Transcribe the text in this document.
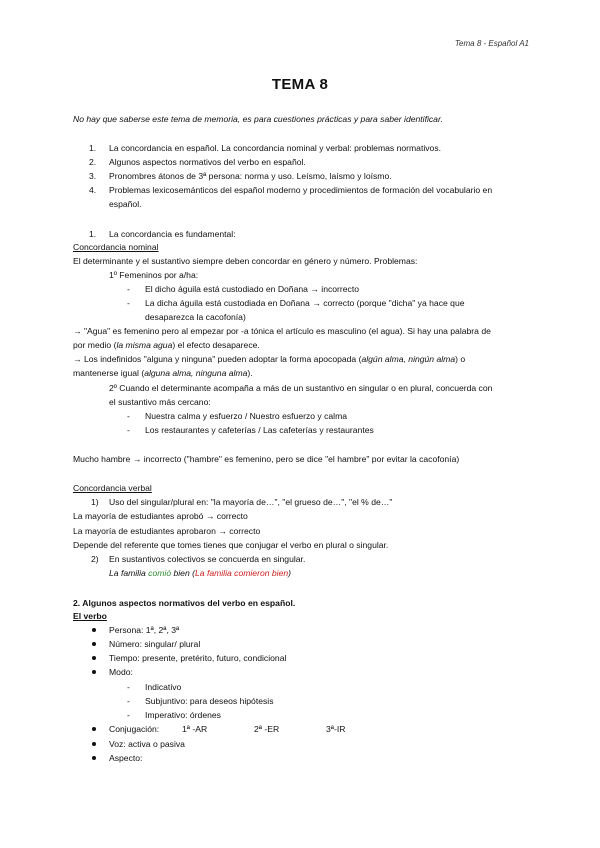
Tema 8 - Español A1
TEMA 8
No hay que saberse este tema de memoria, es para cuestiones prácticas y para saber identificar.
1. La concordancia en español. La concordancia nominal y verbal: problemas normativos.
2. Algunos aspectos normativos del verbo en español.
3. Pronombres átonos de 3ª persona: norma y uso. Leísmo, laísmo y loísmo.
4. Problemas lexicosemánticos del español moderno y procedimientos de formación del vocabulario en
español.
1. La concordancia es fundamental:
Concordancia nominal
El determinante y el sustantivo siempre deben concordar en género y número. Problemas:
1º Femeninos por a/ha:
- El dicho águila está custodiado en Doñana → incorrecto
- La dicha águila está custodiada en Doñana → correcto (porque "dicha" ya hace que
desaparezca la cacofonía)
→ "Agua" es femenino pero al empezar por -a tónica el artículo es masculino (el agua). Si hay una palabra de
por medio (la misma agua) el efecto desaparece.
→ Los indefinidos "alguna y ninguna" pueden adoptar la forma apocopada (algún alma, ningún alma) o
mantenerse igual (alguna alma, ninguna alma).
2º Cuando el determinante acompaña a más de un sustantivo en singular o en plural, concuerda con
el sustantivo más cercano:
- Nuestra calma y esfuerzo / Nuestro esfuerzo y calma
- Los restaurantes y cafeterías / Las cafeterías y restaurantes
Mucho hambre → incorrecto ("hambre" es femenino, pero se dice "el hambre" por evitar la cacofonía)
Concordancia verbal
1) Uso del singular/plural en: "la mayoría de…", "el grueso de…", "el % de…"
La mayoría de estudiantes aprobó → correcto
La mayoría de estudiantes aprobaron → correcto
Depende del referente que tomes tienes que conjugar el verbo en plural o singular.
2) En sustantivos colectivos se concuerda en singular.
La familia comió bien (La familia comieron bien)
2. Algunos aspectos normativos del verbo en español.
El verbo
Persona: 1ª, 2ª, 3ª
Número: singular/ plural
Tiempo: presente, pretérito, futuro, condicional
Modo:
- Indicativo
- Subjuntivo: para deseos hipótesis
- Imperativo: órdenes
Conjugación:	1ª -AR	2ª -ER	3ª-IR
Voz: activa o pasiva
Aspecto:
